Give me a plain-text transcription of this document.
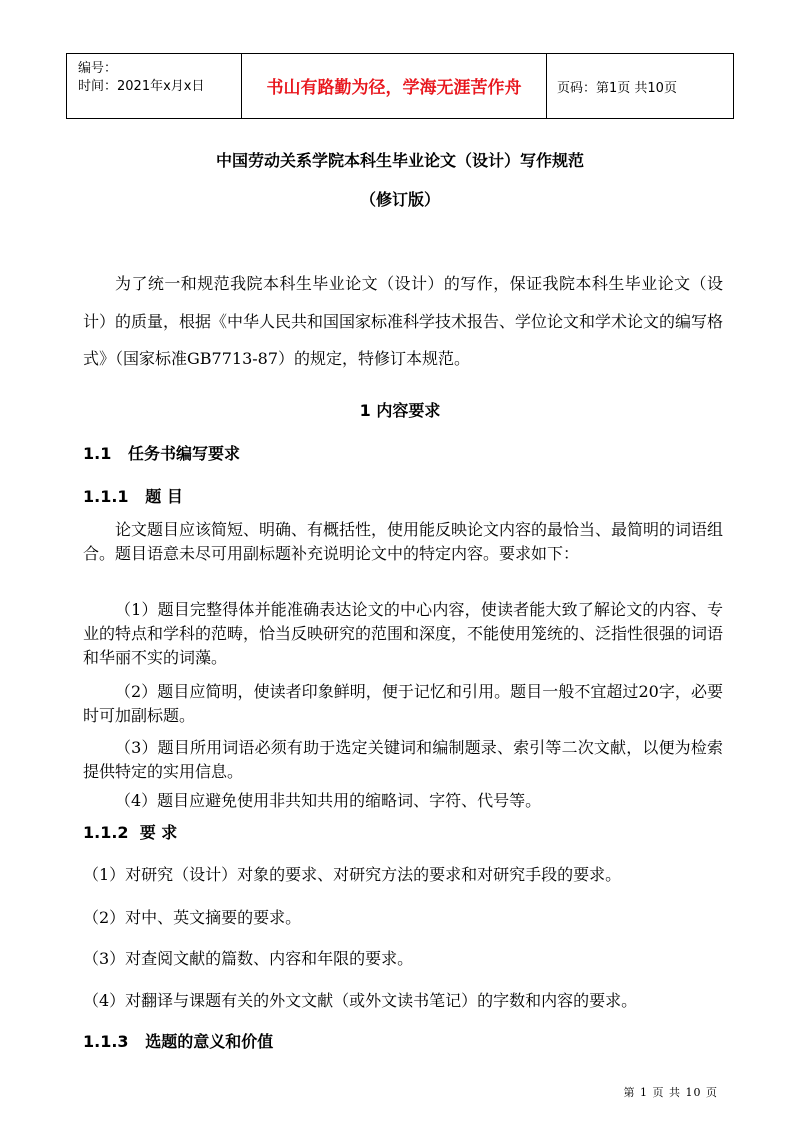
编号：
时间：2021年x月x日	书山有路勤为径，学海无涯苦作舟	页码：第1页 共10页
中国劳动关系学院本科生毕业论文（设计）写作规范
（修订版）

为了统一和规范我院本科生毕业论文（设计）的写作，保证我院本科生毕业论文（设计）的质量，根据《中华人民共和国国家标准科学技术报告、学位论文和学术论文的编写格式》（国家标准GB7713-87）的规定，特修订本规范。

1 内容要求
1.1   任务书编写要求
1.1.1   题 目

论文题目应该简短、明确、有概括性，使用能反映论文内容的最恰当、最简明的词语组合。题目语意未尽可用副标题补充说明论文中的特定内容。要求如下：

（1）题目完整得体并能准确表达论文的中心内容，使读者能大致了解论文的内容、专业的特点和学科的范畴，恰当反映研究的范围和深度，不能使用笼统的、泛指性很强的词语和华丽不实的词藻。

（2）题目应简明，使读者印象鲜明，便于记忆和引用。题目一般不宜超过20字，必要时可加副标题。

（3）题目所用词语必须有助于选定关键词和编制题录、索引等二次文献，以便为检索提供特定的实用信息。

（4）题目应避免使用非共知共用的缩略词、字符、代号等。

1.1.2  要 求
（1）对研究（设计）对象的要求、对研究方法的要求和对研究手段的要求。
（2）对中、英文摘要的要求。
（3）对查阅文献的篇数、内容和年限的要求。
（4）对翻译与课题有关的外文文献（或外文读书笔记）的字数和内容的要求。
1.1.3   选题的意义和价值
第 1 页 共 10 页
